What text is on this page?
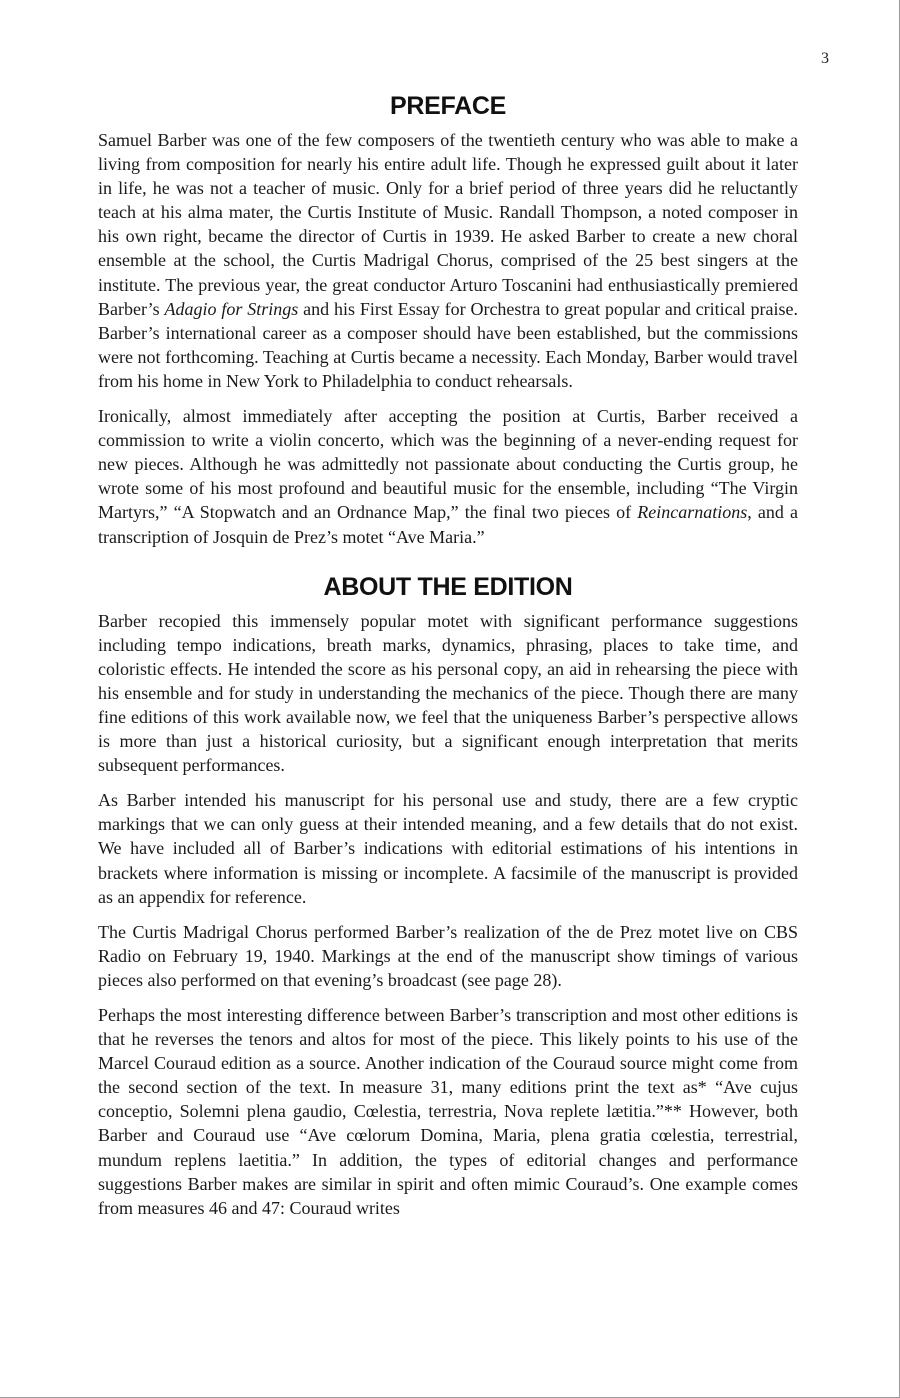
3
PREFACE

Samuel Barber was one of the few composers of the twentieth century who was able to make a living from composition for nearly his entire adult life. Though he expressed guilt about it later in life, he was not a teacher of music. Only for a brief period of three years did he reluctantly teach at his alma mater, the Curtis Institute of Music. Randall Thompson, a noted composer in his own right, became the director of Curtis in 1939. He asked Barber to create a new choral ensemble at the school, the Curtis Madrigal Chorus, comprised of the 25 best singers at the institute. The previous year, the great conductor Arturo Toscanini had enthusiastically premiered Barber’s Adagio for Strings and his First Essay for Orchestra to great popular and critical praise. Barber’s international career as a composer should have been established, but the commissions were not forthcoming. Teaching at Curtis became a necessity. Each Monday, Barber would travel from his home in New York to Philadelphia to conduct rehearsals.

Ironically, almost immediately after accepting the position at Curtis, Barber received a commission to write a violin concerto, which was the beginning of a never-ending request for new pieces. Although he was admittedly not passionate about conducting the Curtis group, he wrote some of his most profound and beautiful music for the ensemble, including “The Virgin Martyrs,” “A Stopwatch and an Ordnance Map,” the final two pieces of Reincarnations, and a transcription of Josquin de Prez’s motet “Ave Maria.”

ABOUT THE EDITION

Barber recopied this immensely popular motet with significant performance suggestions including tempo indications, breath marks, dynamics, phrasing, places to take time, and coloristic effects. He intended the score as his personal copy, an aid in rehearsing the piece with his ensemble and for study in understanding the mechanics of the piece. Though there are many fine editions of this work available now, we feel that the uniqueness Barber’s perspective allows is more than just a historical curiosity, but a significant enough interpretation that merits subsequent performances.

As Barber intended his manuscript for his personal use and study, there are a few cryptic markings that we can only guess at their intended meaning, and a few details that do not exist. We have included all of Barber’s indications with editorial estimations of his intentions in brackets where information is missing or incomplete. A facsimile of the manuscript is provided as an appendix for reference.

The Curtis Madrigal Chorus performed Barber’s realization of the de Prez motet live on CBS Radio on February 19, 1940. Markings at the end of the manuscript show timings of various pieces also performed on that evening’s broadcast (see page 28).

Perhaps the most interesting difference between Barber’s transcription and most other editions is that he reverses the tenors and altos for most of the piece. This likely points to his use of the Marcel Couraud edition as a source. Another indication of the Couraud source might come from the second section of the text. In measure 31, many editions print the text as* “Ave cujus conceptio, Solemni plena gaudio, Cœlestia, terrestria, Nova replete lætitia.”** However, both Barber and Couraud use “Ave cœlorum Domina, Maria, plena gratia cœlestia, terrestrial, mundum replens laetitia.” In addition, the types of editorial changes and performance suggestions Barber makes are similar in spirit and often mimic Couraud’s. One example comes from measures 46 and 47: Couraud writes
